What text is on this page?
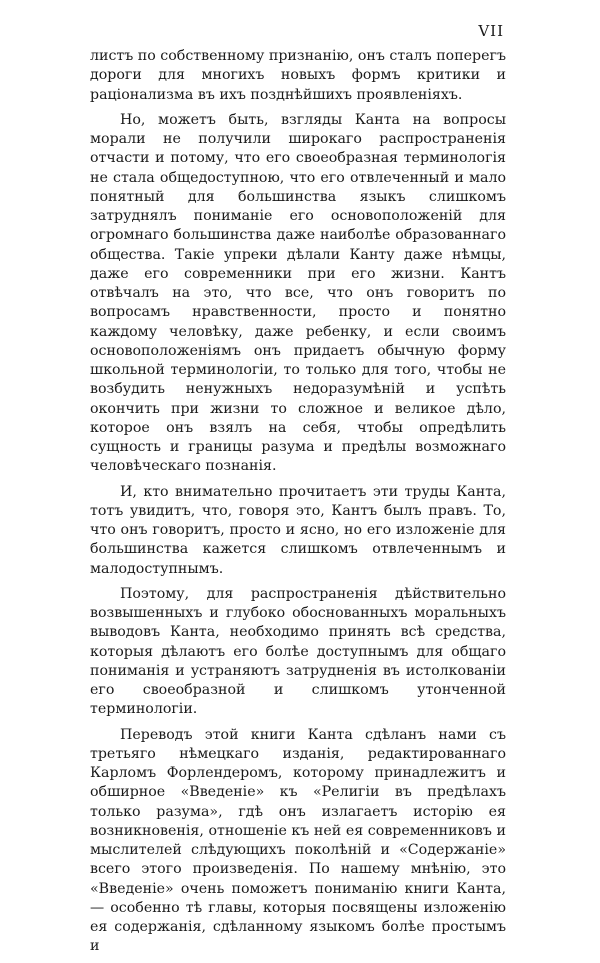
VII

листъ по собственному признанію, онъ сталъ поперегъ дороги для многихъ новыхъ формъ критики и раціонализма въ ихъ позднѣйшихъ проявленіяхъ.

Но, можетъ быть, взгляды Канта на вопросы морали не получили широкаго распространенія отчасти и потому, что его своеобразная терминологія не стала общедоступною, что его отвлеченный и мало понятный для большинства языкъ слишкомъ затруднялъ пониманіе его основоположеній для огромнаго большинства даже наиболѣе образованнаго общества. Такіе упреки дѣлали Канту даже нѣмцы, даже его современники при его жизни. Кантъ отвѣчалъ на это, что все, что онъ говоритъ по вопросамъ нравственности, просто и понятно каждому человѣку, даже ребенку, и если своимъ основоположеніямъ онъ придаетъ обычную форму школьной терминологіи, то только для того, чтобы не возбудить ненужныхъ недоразумѣній и успѣть окончить при жизни то сложное и великое дѣло, которое онъ взялъ на себя, чтобы опредѣлить сущность и границы разума и предѣлы возможнаго человѣческаго познанія.

И, кто внимательно прочитаетъ эти труды Канта, тотъ увидитъ, что, говоря это, Кантъ былъ правъ. То, что онъ говоритъ, просто и ясно, но его изложеніе для большинства кажется слишкомъ отвлеченнымъ и малодоступнымъ.

Поэтому, для распространенія дѣйствительно возвышенныхъ и глубоко обоснованныхъ моральныхъ выводовъ Канта, необходимо принять всѣ средства, которыя дѣлаютъ его болѣе доступнымъ для общаго пониманія и устраняютъ затрудненія въ истолкованіи его своеобразной и слишкомъ утонченной терминологіи.

Переводъ этой книги Канта сдѣланъ нами съ третьяго нѣмецкаго изданія, редактированнаго Карломъ Форлендеромъ, которому принадлежитъ и обширное «Введеніе» къ «Религіи въ предѣлахъ только разума», гдѣ онъ излагаетъ исторію ея возникновенія, отношеніе къ ней ея современниковъ и мыслителей слѣдующихъ поколѣній и «Содержаніе» всего этого произведенія. По нашему мнѣнію, это «Введеніе» очень поможетъ пониманію книги Канта, — особенно тѣ главы, которыя посвящены изложенію ея содержанія, сдѣланному языкомъ болѣе простымъ и
